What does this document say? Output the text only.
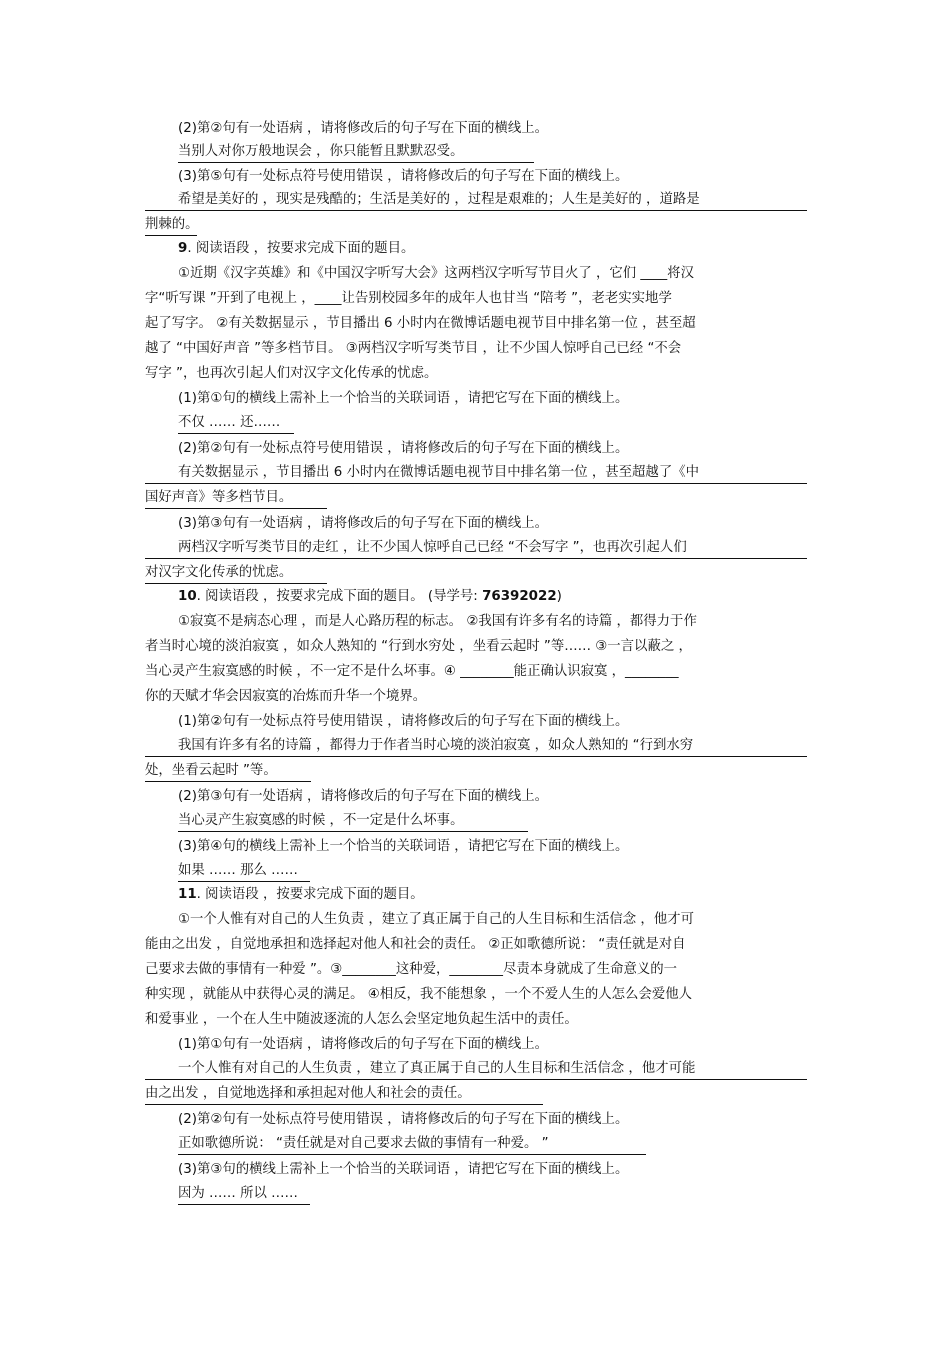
(2)第②句有一处语病 ，请将修改后的句子写在下面的横线上。
当别人对你万般地误会 ，你只能暂且默默忍受。
(3)第⑤句有一处标点符号使用错误 ，请将修改后的句子写在下面的横线上。
希望是美好的 ，现实是残酷的；生活是美好的 ，过程是艰难的；人生是美好的 ，道路是
荆棘的。
9. 阅读语段 ，按要求完成下面的题目。
①近期《汉字英雄》和《中国汉字听写大会》这两档汉字听写节目火了 ，它们 ____将汉
字“听写课 ”开到了电视上 ，____让告别校园多年的成年人也甘当 “陪考 ”，老老实实地学
起了写字。 ②有关数据显示 ，节目播出 6 小时内在微博话题电视节目中排名第一位 ，甚至超
越了 “中国好声音 ”等多档节目。 ③两档汉字听写类节目 ，让不少国人惊呼自己已经 “不会
写字 ”，也再次引起人们对汉字文化传承的忧虑。
(1)第①句的横线上需补上一个恰当的关联词语 ，请把它写在下面的横线上。
不仅 …… 还……
(2)第②句有一处标点符号使用错误 ，请将修改后的句子写在下面的横线上。
有关数据显示 ，节目播出 6 小时内在微博话题电视节目中排名第一位 ，甚至超越了《中
国好声音》等多档节目。
(3)第③句有一处语病 ，请将修改后的句子写在下面的横线上。
两档汉字听写类节目的走红 ，让不少国人惊呼自己已经 “不会写字 ”，也再次引起人们
对汉字文化传承的忧虑。
10. 阅读语段 ，按要求完成下面的题目。 (导学号: 76392022)
①寂寞不是病态心理 ，而是人心路历程的标志。 ②我国有许多有名的诗篇 ，都得力于作
者当时心境的淡泊寂寞 ，如众人熟知的 “行到水穷处 ，坐看云起时 ”等…… ③一言以蔽之 ，
当心灵产生寂寞感的时候 ，不一定不是什么坏事。④ ________能正确认识寂寞 ，________
你的天赋才华会因寂寞的冶炼而升华一个境界。
(1)第②句有一处标点符号使用错误 ，请将修改后的句子写在下面的横线上。
我国有许多有名的诗篇 ，都得力于作者当时心境的淡泊寂寞 ，如众人熟知的 “行到水穷
处，坐看云起时 ”等。
(2)第③句有一处语病 ，请将修改后的句子写在下面的横线上。
当心灵产生寂寞感的时候 ，不一定是什么坏事。
(3)第④句的横线上需补上一个恰当的关联词语 ，请把它写在下面的横线上。
如果 …… 那么 ……
11. 阅读语段 ，按要求完成下面的题目。
①一个人惟有对自己的人生负责 ，建立了真正属于自己的人生目标和生活信念 ，他才可
能由之出发 ，自觉地承担和选择起对他人和社会的责任。 ②正如歌德所说： “责任就是对自
己要求去做的事情有一种爱 ”。③________这种爱，________尽责本身就成了生命意义的一
种实现 ，就能从中获得心灵的满足。 ④相反，我不能想象 ，一个不爱人生的人怎么会爱他人
和爱事业 ，一个在人生中随波逐流的人怎么会坚定地负起生活中的责任。
(1)第①句有一处语病 ，请将修改后的句子写在下面的横线上。
一个人惟有对自己的人生负责 ，建立了真正属于自己的人生目标和生活信念 ，他才可能
由之出发 ，自觉地选择和承担起对他人和社会的责任。
(2)第②句有一处标点符号使用错误 ，请将修改后的句子写在下面的横线上。
正如歌德所说： “责任就是对自己要求去做的事情有一种爱。 ”
(3)第③句的横线上需补上一个恰当的关联词语 ，请把它写在下面的横线上。
因为 …… 所以 ……
